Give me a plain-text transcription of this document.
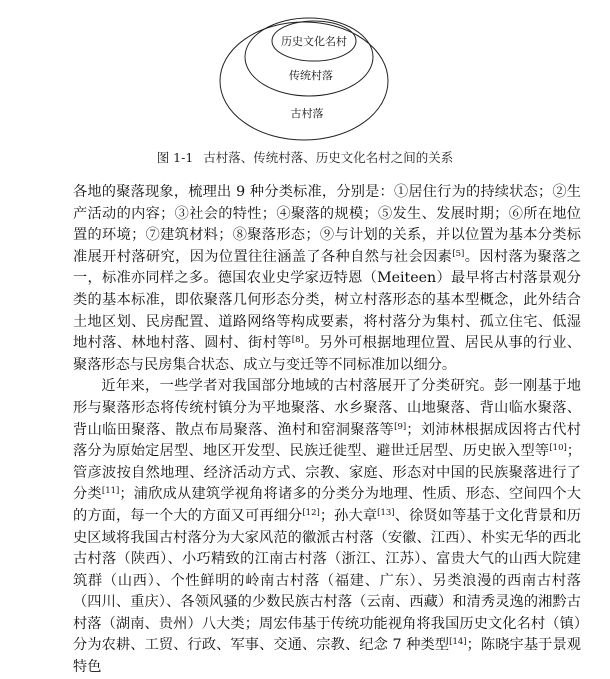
历史文化名村
传统村落
古村落
图 1-1 古村落、传统村落、历史文化名村之间的关系

各地的聚落现象，梳理出 9 种分类标准，分别是：①居住行为的持续状态；②生产活动的内容；③社会的特性；④聚落的规模；⑤发生、发展时期；⑥所在地位置的环境；⑦建筑材料；⑧聚落形态；⑨与计划的关系，并以位置为基本分类标准展开村落研究，因为位置往往涵盖了各种自然与社会因素[5]。因村落为聚落之一，标准亦同样之多。德国农业史学家迈特恩（Meiteen）最早将古村落景观分类的基本标准，即依聚落几何形态分类，树立村落形态的基本型概念，此外结合土地区划、民房配置、道路网络等构成要素，将村落分为集村、孤立住宅、低湿地村落、林地村落、圆村、街村等[8]。另外可根据地理位置、居民从事的行业、聚落形态与民房集合状态、成立与变迁等不同标准加以细分。

近年来，一些学者对我国部分地域的古村落展开了分类研究。彭一刚基于地形与聚落形态将传统村镇分为平地聚落、水乡聚落、山地聚落、背山临水聚落、背山临田聚落、散点布局聚落、渔村和窑洞聚落等[9]；刘沛林根据成因将古代村落分为原始定居型、地区开发型、民族迁徙型、避世迁居型、历史嵌入型等[10]；管彦波按自然地理、经济活动方式、宗教、家庭、形态对中国的民族聚落进行了分类[11]；浦欣成从建筑学视角将诸多的分类分为地理、性质、形态、空间四个大的方面，每一个大的方面又可再细分[12]；孙大章[13]、徐贤如等基于文化背景和历史区域将我国古村落分为大家风范的徽派古村落（安徽、江西）、朴实无华的西北古村落（陕西）、小巧精致的江南古村落（浙江、江苏）、富贵大气的山西大院建筑群（山西）、个性鲜明的岭南古村落（福建、广东）、另类浪漫的西南古村落（四川、重庆）、各领风骚的少数民族古村落（云南、西藏）和清秀灵逸的湘黔古村落（湖南、贵州）八大类；周宏伟基于传统功能视角将我国历史文化名村（镇）分为农耕、工贸、行政、军事、交通、宗教、纪念 7 种类型[14]；陈晓宇基于景观特色
